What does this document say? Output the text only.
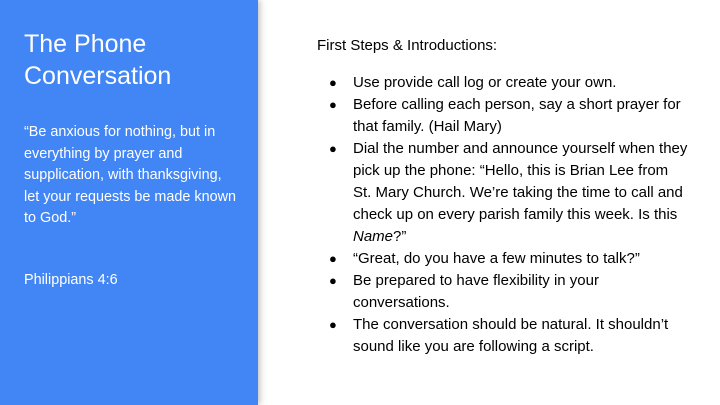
The Phone
Conversation

“Be anxious for nothing, but in everything by prayer and supplication, with thanksgiving, let your requests be made known to God.”

Philippians 4:6

First Steps & Introductions:

●	Use provide call log or create your own.
●	Before calling each person, say a short prayer for that family. (Hail Mary)
●	Dial the number and announce yourself when they pick up the phone: “Hello, this is Brian Lee from St. Mary Church. We’re taking the time to call and check up on every parish family this week. Is this Name?”
●	“Great, do you have a few minutes to talk?”
●	Be prepared to have flexibility in your conversations.
●	The conversation should be natural. It shouldn’t sound like you are following a script.
